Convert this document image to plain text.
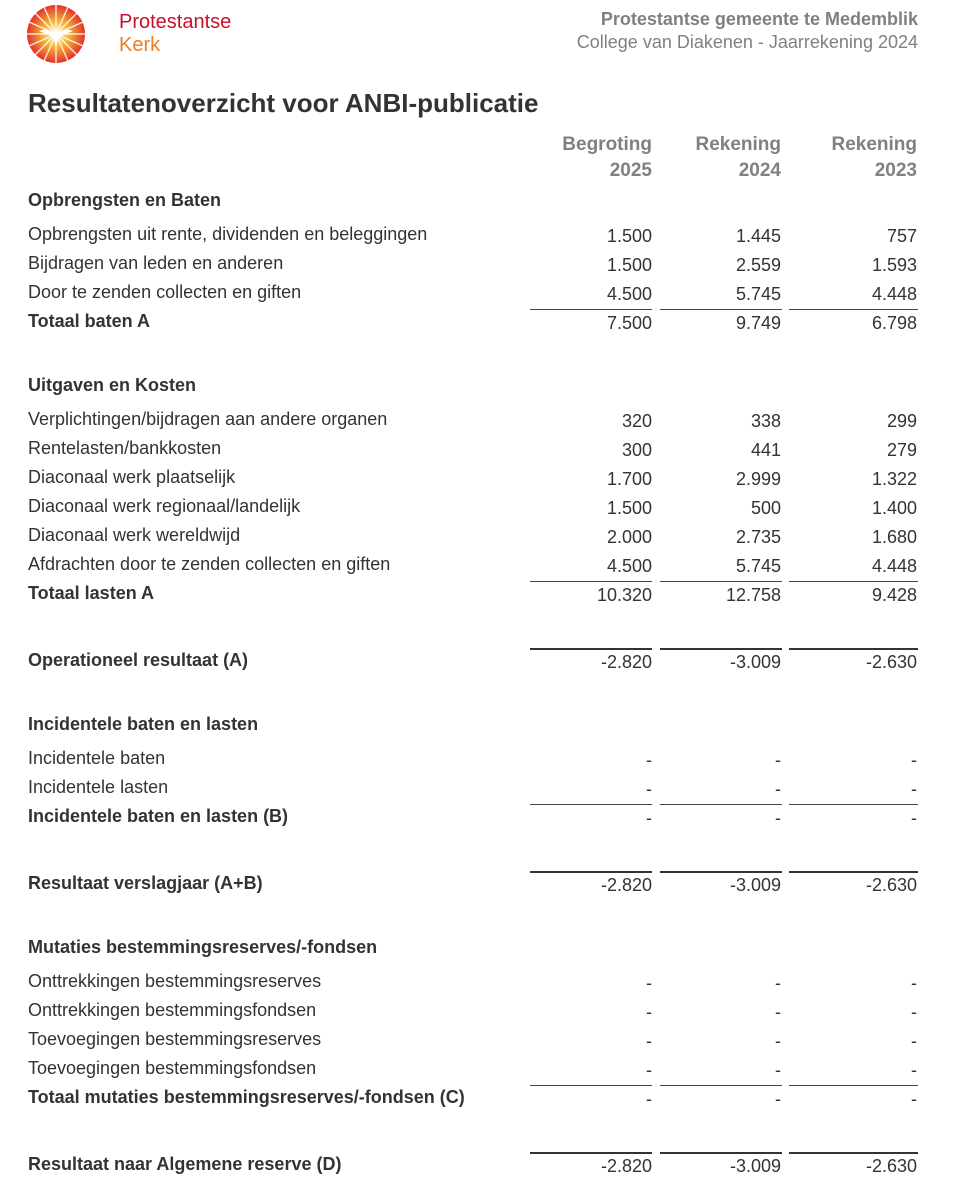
Protestantse
Kerk
Protestantse gemeente te Medemblik
College van Diakenen - Jaarrekening 2024
Resultatenoverzicht voor ANBI-publicatie
Begroting
2025
Rekening
2024
Rekening
2023
Opbrengsten en Baten
Opbrengsten uit rente, dividenden en beleggingen	1.500	1.445	757
Bijdragen van leden en anderen	1.500	2.559	1.593
Door te zenden collecten en giften	4.500	5.745	4.448
Totaal baten A	7.500	9.749	6.798
Uitgaven en Kosten
Verplichtingen/bijdragen aan andere organen	320	338	299
Rentelasten/bankkosten	300	441	279
Diaconaal werk plaatselijk	1.700	2.999	1.322
Diaconaal werk regionaal/landelijk	1.500	500	1.400
Diaconaal werk wereldwijd	2.000	2.735	1.680
Afdrachten door te zenden collecten en giften	4.500	5.745	4.448
Totaal lasten A	10.320	12.758	9.428
Operationeel resultaat (A)	-2.820	-3.009	-2.630
Incidentele baten en lasten
Incidentele baten	-	-	-
Incidentele lasten	-	-	-
Incidentele baten en lasten (B)	-	-	-
Resultaat verslagjaar (A+B)	-2.820	-3.009	-2.630
Mutaties bestemmingsreserves/-fondsen
Onttrekkingen bestemmingsreserves	-	-	-
Onttrekkingen bestemmingsfondsen	-	-	-
Toevoegingen bestemmingsreserves	-	-	-
Toevoegingen bestemmingsfondsen	-	-	-
Totaal mutaties bestemmingsreserves/-fondsen (C)	-	-	-
Resultaat naar Algemene reserve (D)	-2.820	-3.009	-2.630
